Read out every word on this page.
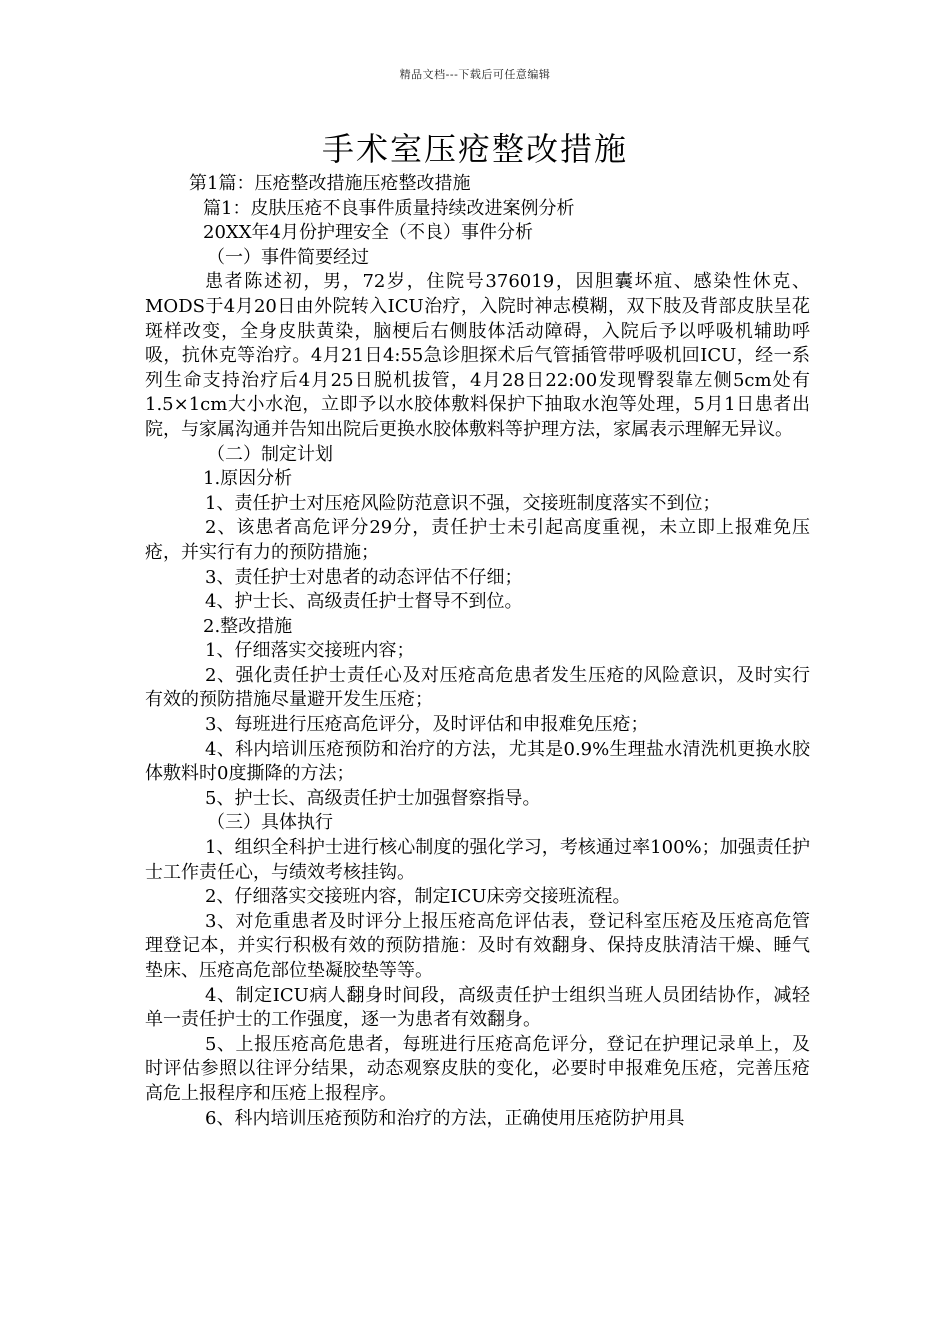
精品文档---下载后可任意编辑
手术室压疮整改措施

第1篇：压疮整改措施压疮整改措施

篇1：皮肤压疮不良事件质量持续改进案例分析

20XX年4月份护理安全（不良）事件分析

（一）事件简要经过

患者陈述初，男，72岁，住院号376019，因胆囊坏疽、感染性休克、MODS于4月20日由外院转入ICU治疗，入院时神志模糊，双下肢及背部皮肤呈花斑样改变，全身皮肤黄染，脑梗后右侧肢体活动障碍，入院后予以呼吸机辅助呼吸，抗休克等治疗。4月21日4:55急诊胆探术后气管插管带呼吸机回ICU，经一系列生命支持治疗后4月25日脱机拔管，4月28日22:00发现臀裂靠左侧5cm处有1.5×1cm大小水泡，立即予以水胶体敷料保护下抽取水泡等处理，5月1日患者出院，与家属沟通并告知出院后更换水胶体敷料等护理方法，家属表示理解无异议。

（二）制定计划

1.原因分析

1、责任护士对压疮风险防范意识不强，交接班制度落实不到位；

2、该患者高危评分29分，责任护士未引起高度重视，未立即上报难免压疮，并实行有力的预防措施；

3、责任护士对患者的动态评估不仔细；

4、护士长、高级责任护士督导不到位。

2.整改措施

1、仔细落实交接班内容；

2、强化责任护士责任心及对压疮高危患者发生压疮的风险意识，及时实行有效的预防措施尽量避开发生压疮；

3、每班进行压疮高危评分，及时评估和申报难免压疮；

4、科内培训压疮预防和治疗的方法，尤其是0.9%生理盐水清洗机更换水胶体敷料时0度撕降的方法；

5、护士长、高级责任护士加强督察指导。

（三）具体执行

1、组织全科护士进行核心制度的强化学习，考核通过率100%；加强责任护士工作责任心，与绩效考核挂钩。

2、仔细落实交接班内容，制定ICU床旁交接班流程。

3、对危重患者及时评分上报压疮高危评估表，登记科室压疮及压疮高危管理登记本，并实行积极有效的预防措施：及时有效翻身、保持皮肤清洁干燥、睡气垫床、压疮高危部位垫凝胶垫等等。

4、制定ICU病人翻身时间段，高级责任护士组织当班人员团结协作，减轻单一责任护士的工作强度，逐一为患者有效翻身。

5、上报压疮高危患者，每班进行压疮高危评分，登记在护理记录单上，及时评估参照以往评分结果，动态观察皮肤的变化，必要时申报难免压疮，完善压疮高危上报程序和压疮上报程序。

6、科内培训压疮预防和治疗的方法，正确使用压疮防护用具
